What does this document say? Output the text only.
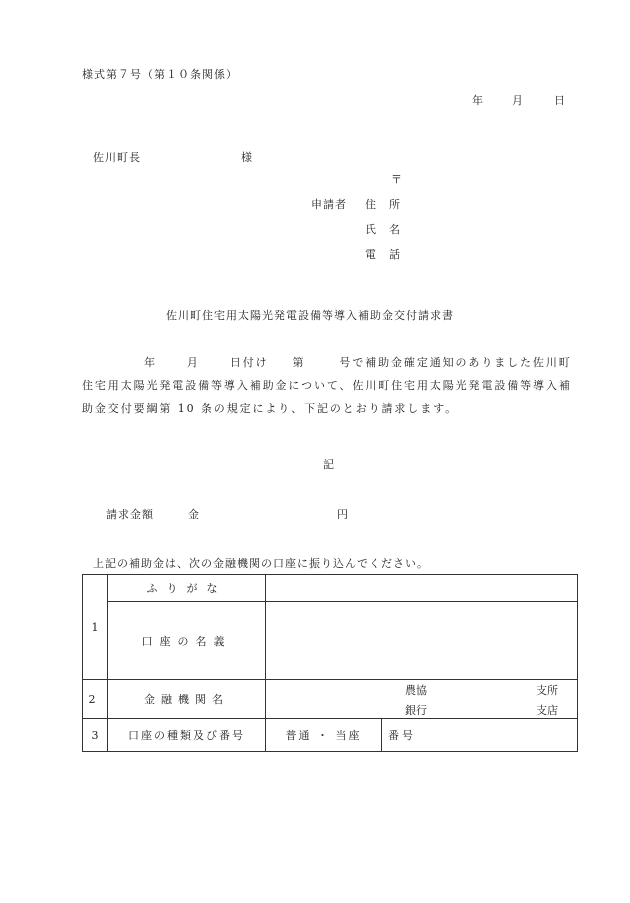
様式第７号（第１０条関係）
年	月	日
佐川町長	様
〒
申請者 住　所
氏　名
電　話
佐川町住宅用太陽光発電設備等導入補助金交付請求書
年	月	日付け 第	号で補助金確定通知のありました佐川町住宅用太陽光発電設備等導入補助金について、佐川町住宅用太陽光発電設備等導入補助金交付要綱第 10 条の規定により、下記のとおり請求します。
記
請求金額	金	円
上記の補助金は、次の金融機関の口座に振り込んでください。
1	ふりがな	
	口座の名義	
2	金融機関名	農協 支所
銀行 支店

3	口座の種類及び番号	普通 ・ 当座 番号
